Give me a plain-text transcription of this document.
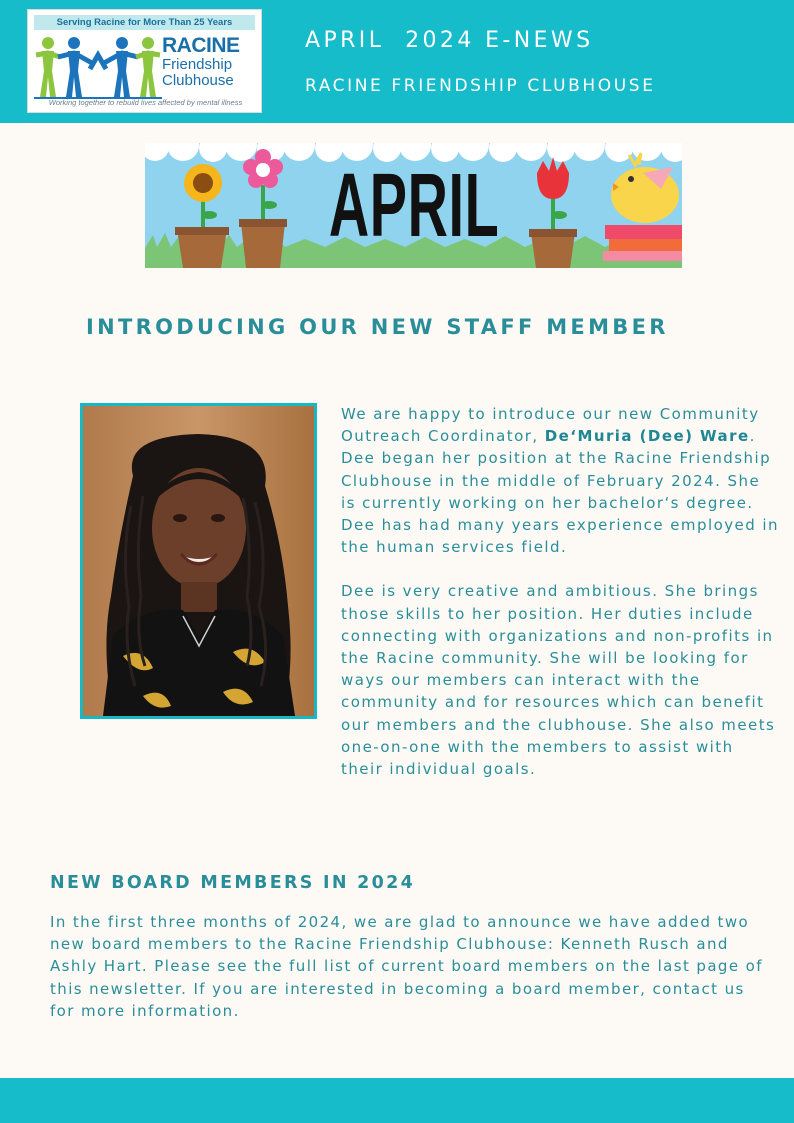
Serving Racine for More Than 25 Years
RACINE
Friendship
Clubhouse
Working together to rebuild lives affected by mental illness
APRIL  2024 E-NEWS
RACINE FRIENDSHIP CLUBHOUSE
APRIL
INTRODUCING OUR NEW STAFF MEMBER

We are happy to introduce our new Community Outreach Coordinator, De‘Muria (Dee) Ware. Dee began her position at the Racine Friendship Clubhouse in the middle of February 2024. She is currently working on her bachelor‘s degree. Dee has had many years experience employed in the human services field.

Dee is very creative and ambitious. She brings those skills to her position. Her duties include connecting with organizations and non-profits in the Racine community. She will be looking for ways our members can interact with the community and for resources which can benefit our members and the clubhouse. She also meets one-on-one with the members to assist with their individual goals.

NEW BOARD MEMBERS IN 2024

In the first three months of 2024, we are glad to announce we have added two new board members to the Racine Friendship Clubhouse: Kenneth Rusch and Ashly Hart. Please see the full list of current board members on the last page of this newsletter. If you are interested in becoming a board member, contact us for more information.
